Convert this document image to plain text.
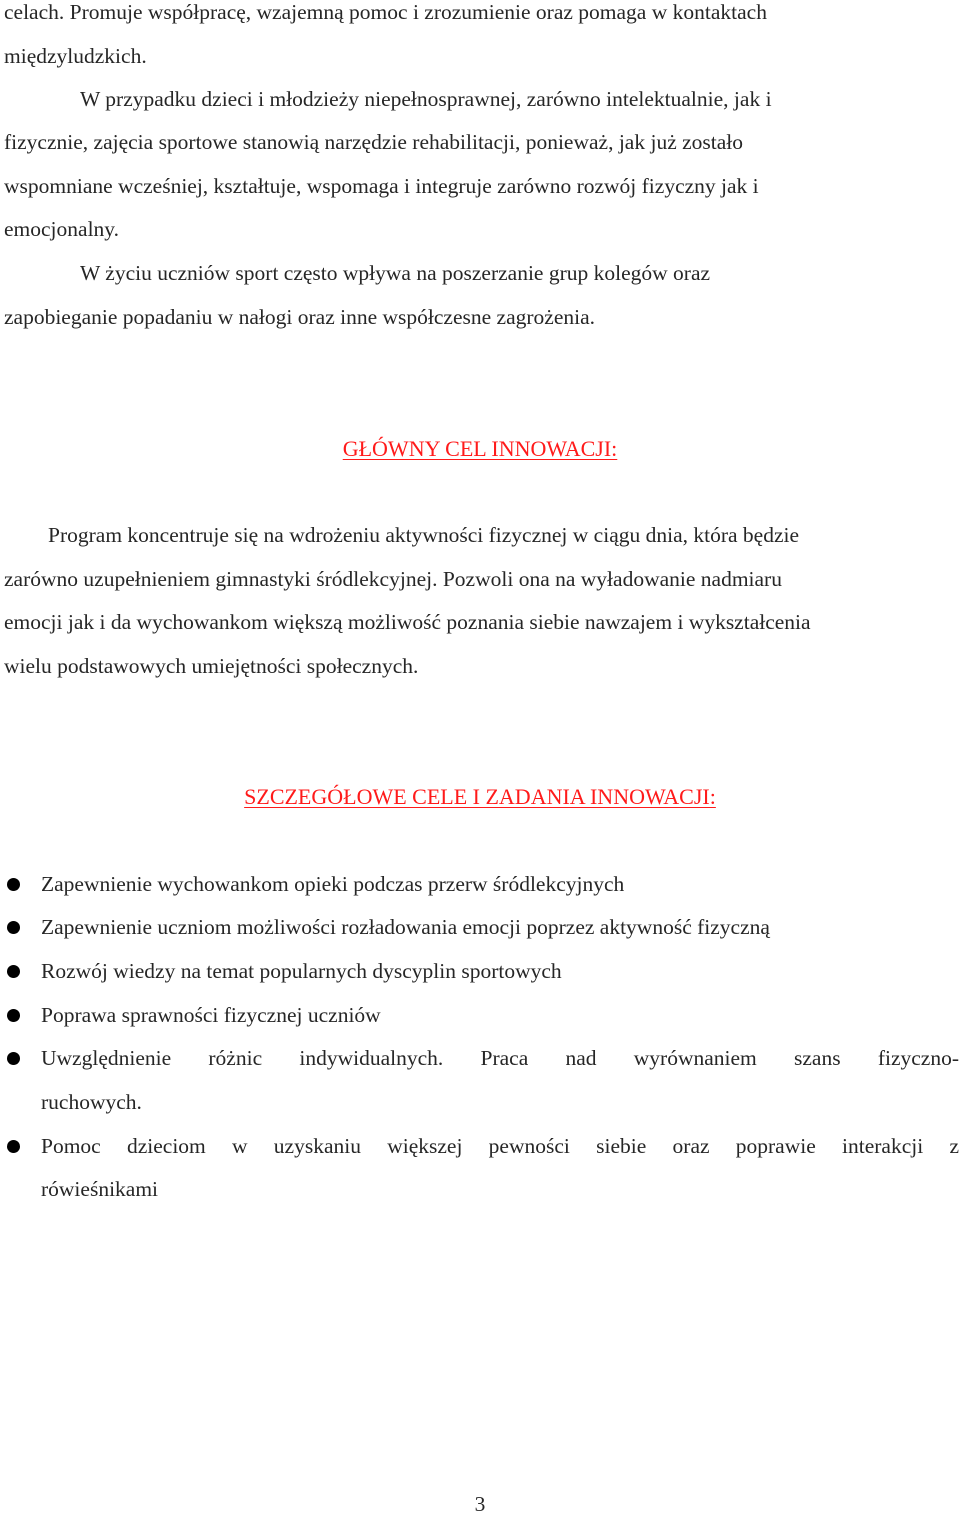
celach. Promuje współpracę, wzajemną pomoc i zrozumienie oraz pomaga w kontaktach
międzyludzkich.
W przypadku dzieci i młodzieży niepełnosprawnej, zarówno intelektualnie, jak i
fizycznie, zajęcia sportowe stanowią narzędzie rehabilitacji, ponieważ, jak już zostało
wspomniane wcześniej, kształtuje, wspomaga i integruje zarówno rozwój fizyczny jak i
emocjonalny.
W życiu uczniów sport często wpływa na poszerzanie grup kolegów oraz
zapobieganie popadaniu w nałogi oraz inne współczesne zagrożenia.
GŁÓWNY CEL INNOWACJI:
Program koncentruje się na wdrożeniu aktywności fizycznej w ciągu dnia, która będzie
zarówno uzupełnieniem gimnastyki śródlekcyjnej. Pozwoli ona na wyładowanie nadmiaru
emocji jak i da wychowankom większą możliwość poznania siebie nawzajem i wykształcenia
wielu podstawowych umiejętności społecznych.
SZCZEGÓŁOWE CELE I ZADANIA INNOWACJI:
Zapewnienie wychowankom opieki podczas przerw śródlekcyjnych
Zapewnienie uczniom możliwości rozładowania emocji poprzez aktywność fizyczną
Rozwój wiedzy na temat popularnych dyscyplin sportowych
Poprawa sprawności fizycznej uczniów
Uwzględnienie różnic indywidualnych. Praca nad wyrównaniem szans fizyczno-
ruchowych.
Pomoc dzieciom w uzyskaniu większej pewności siebie oraz poprawie interakcji z
rówieśnikami
3
